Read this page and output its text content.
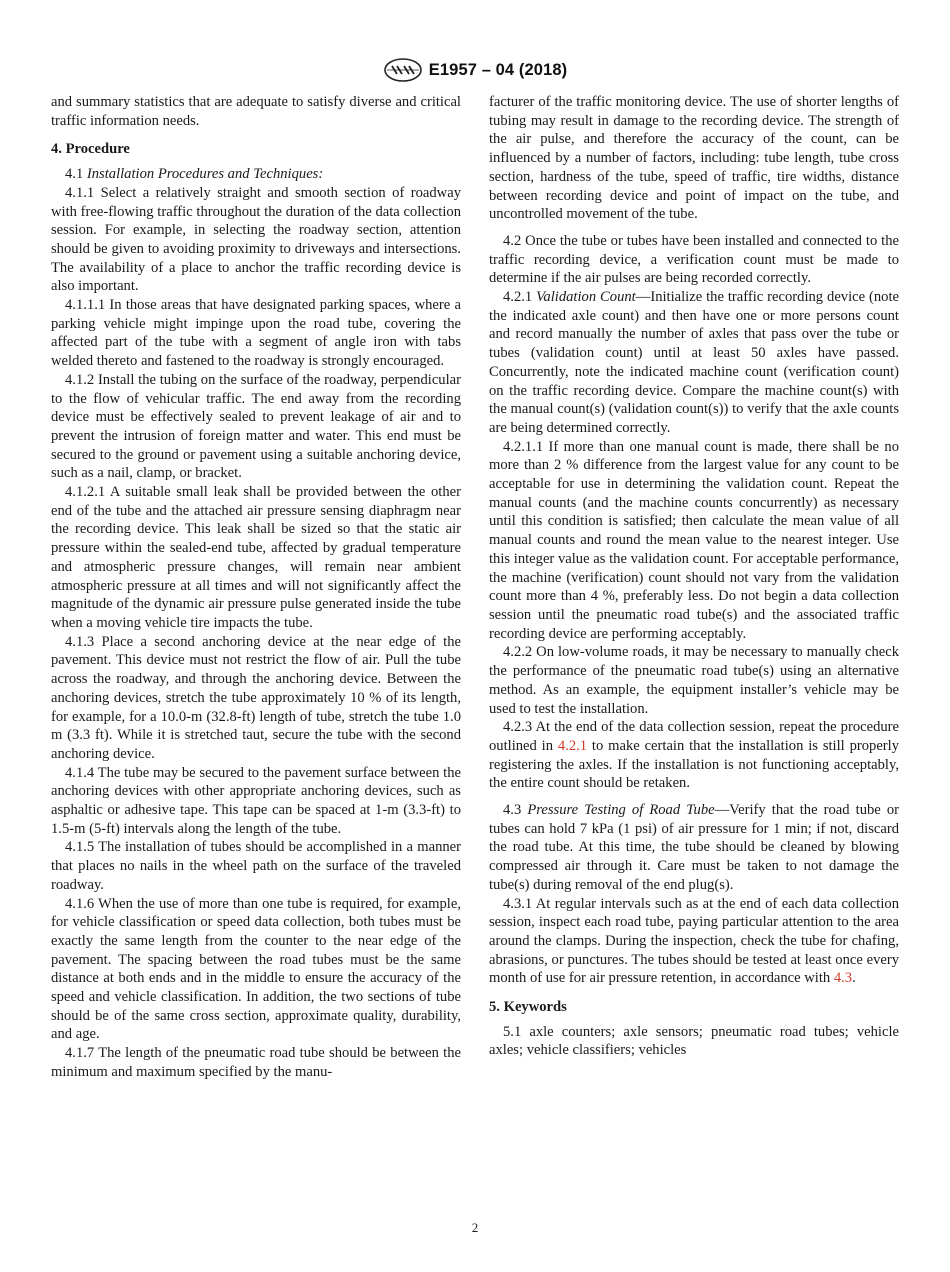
E1957 – 04 (2018)

and summary statistics that are adequate to satisfy diverse and critical traffic information needs.

4. Procedure

4.1 Installation Procedures and Techniques:

4.1.1 Select a relatively straight and smooth section of roadway with free-flowing traffic throughout the duration of the data collection session. For example, in selecting the roadway section, attention should be given to avoiding proximity to driveways and intersections. The availability of a place to anchor the traffic recording device is also important.

4.1.1.1 In those areas that have designated parking spaces, where a parking vehicle might impinge upon the road tube, covering the affected part of the tube with a segment of angle iron with tabs welded thereto and fastened to the roadway is strongly encouraged.

4.1.2 Install the tubing on the surface of the roadway, perpendicular to the flow of vehicular traffic. The end away from the recording device must be effectively sealed to prevent leakage of air and to prevent the intrusion of foreign matter and water. This end must be secured to the ground or pavement using a suitable anchoring device, such as a nail, clamp, or bracket.

4.1.2.1 A suitable small leak shall be provided between the other end of the tube and the attached air pressure sensing diaphragm near the recording device. This leak shall be sized so that the static air pressure within the sealed-end tube, affected by gradual temperature and atmospheric pressure changes, will remain near ambient atmospheric pressure at all times and will not significantly affect the magnitude of the dynamic air pressure pulse generated inside the tube when a moving vehicle tire impacts the tube.

4.1.3 Place a second anchoring device at the near edge of the pavement. This device must not restrict the flow of air. Pull the tube across the roadway, and through the anchoring device. Between the anchoring devices, stretch the tube approximately 10 % of its length, for example, for a 10.0-m (32.8-ft) length of tube, stretch the tube 1.0 m (3.3 ft). While it is stretched taut, secure the tube with the second anchoring device.

4.1.4 The tube may be secured to the pavement surface between the anchoring devices with other appropriate anchoring devices, such as asphaltic or adhesive tape. This tape can be spaced at 1-m (3.3-ft) to 1.5-m (5-ft) intervals along the length of the tube.

4.1.5 The installation of tubes should be accomplished in a manner that places no nails in the wheel path on the surface of the traveled roadway.

4.1.6 When the use of more than one tube is required, for example, for vehicle classification or speed data collection, both tubes must be exactly the same length from the counter to the near edge of the pavement. The spacing between the road tubes must be the same distance at both ends and in the middle to ensure the accuracy of the speed and vehicle classification. In addition, the two sections of tube should be of the same cross section, approximate quality, durability, and age.

4.1.7 The length of the pneumatic road tube should be between the minimum and maximum specified by the manu-

facturer of the traffic monitoring device. The use of shorter lengths of tubing may result in damage to the recording device. The strength of the air pulse, and therefore the accuracy of the count, can be influenced by a number of factors, including: tube length, tube cross section, hardness of the tube, speed of traffic, tire widths, distance between recording device and point of impact on the tube, and uncontrolled movement of the tube.

4.2 Once the tube or tubes have been installed and connected to the traffic recording device, a verification count must be made to determine if the air pulses are being recorded correctly.

4.2.1 Validation Count—Initialize the traffic recording device (note the indicated axle count) and then have one or more persons count and record manually the number of axles that pass over the tube or tubes (validation count) until at least 50 axles have passed. Concurrently, note the indicated machine count (verification count) on the traffic recording device. Compare the machine count(s) with the manual count(s) (validation count(s)) to verify that the axle counts are being determined correctly.

4.2.1.1 If more than one manual count is made, there shall be no more than 2 % difference from the largest value for any count to be acceptable for use in determining the validation count. Repeat the manual counts (and the machine counts concurrently) as necessary until this condition is satisfied; then calculate the mean value of all manual counts and round the mean value to the nearest integer. Use this integer value as the validation count. For acceptable performance, the machine (verification) count should not vary from the validation count more than 4 %, preferably less. Do not begin a data collection session until the pneumatic road tube(s) and the associated traffic recording device are performing acceptably.

4.2.2 On low-volume roads, it may be necessary to manually check the performance of the pneumatic road tube(s) using an alternative method. As an example, the equipment installer’s vehicle may be used to test the installation.

4.2.3 At the end of the data collection session, repeat the procedure outlined in 4.2.1 to make certain that the installation is still properly registering the axles. If the installation is not functioning acceptably, the entire count should be retaken.

4.3 Pressure Testing of Road Tube—Verify that the road tube or tubes can hold 7 kPa (1 psi) of air pressure for 1 min; if not, discard the road tube. At this time, the tube should be cleaned by blowing compressed air through it. Care must be taken to not damage the tube(s) during removal of the end plug(s).

4.3.1 At regular intervals such as at the end of each data collection session, inspect each road tube, paying particular attention to the area around the clamps. During the inspection, check the tube for chafing, abrasions, or punctures. The tubes should be tested at least once every month of use for air pressure retention, in accordance with 4.3.

5. Keywords

5.1 axle counters; axle sensors; pneumatic road tubes; vehicle axles; vehicle classifiers; vehicles

2
